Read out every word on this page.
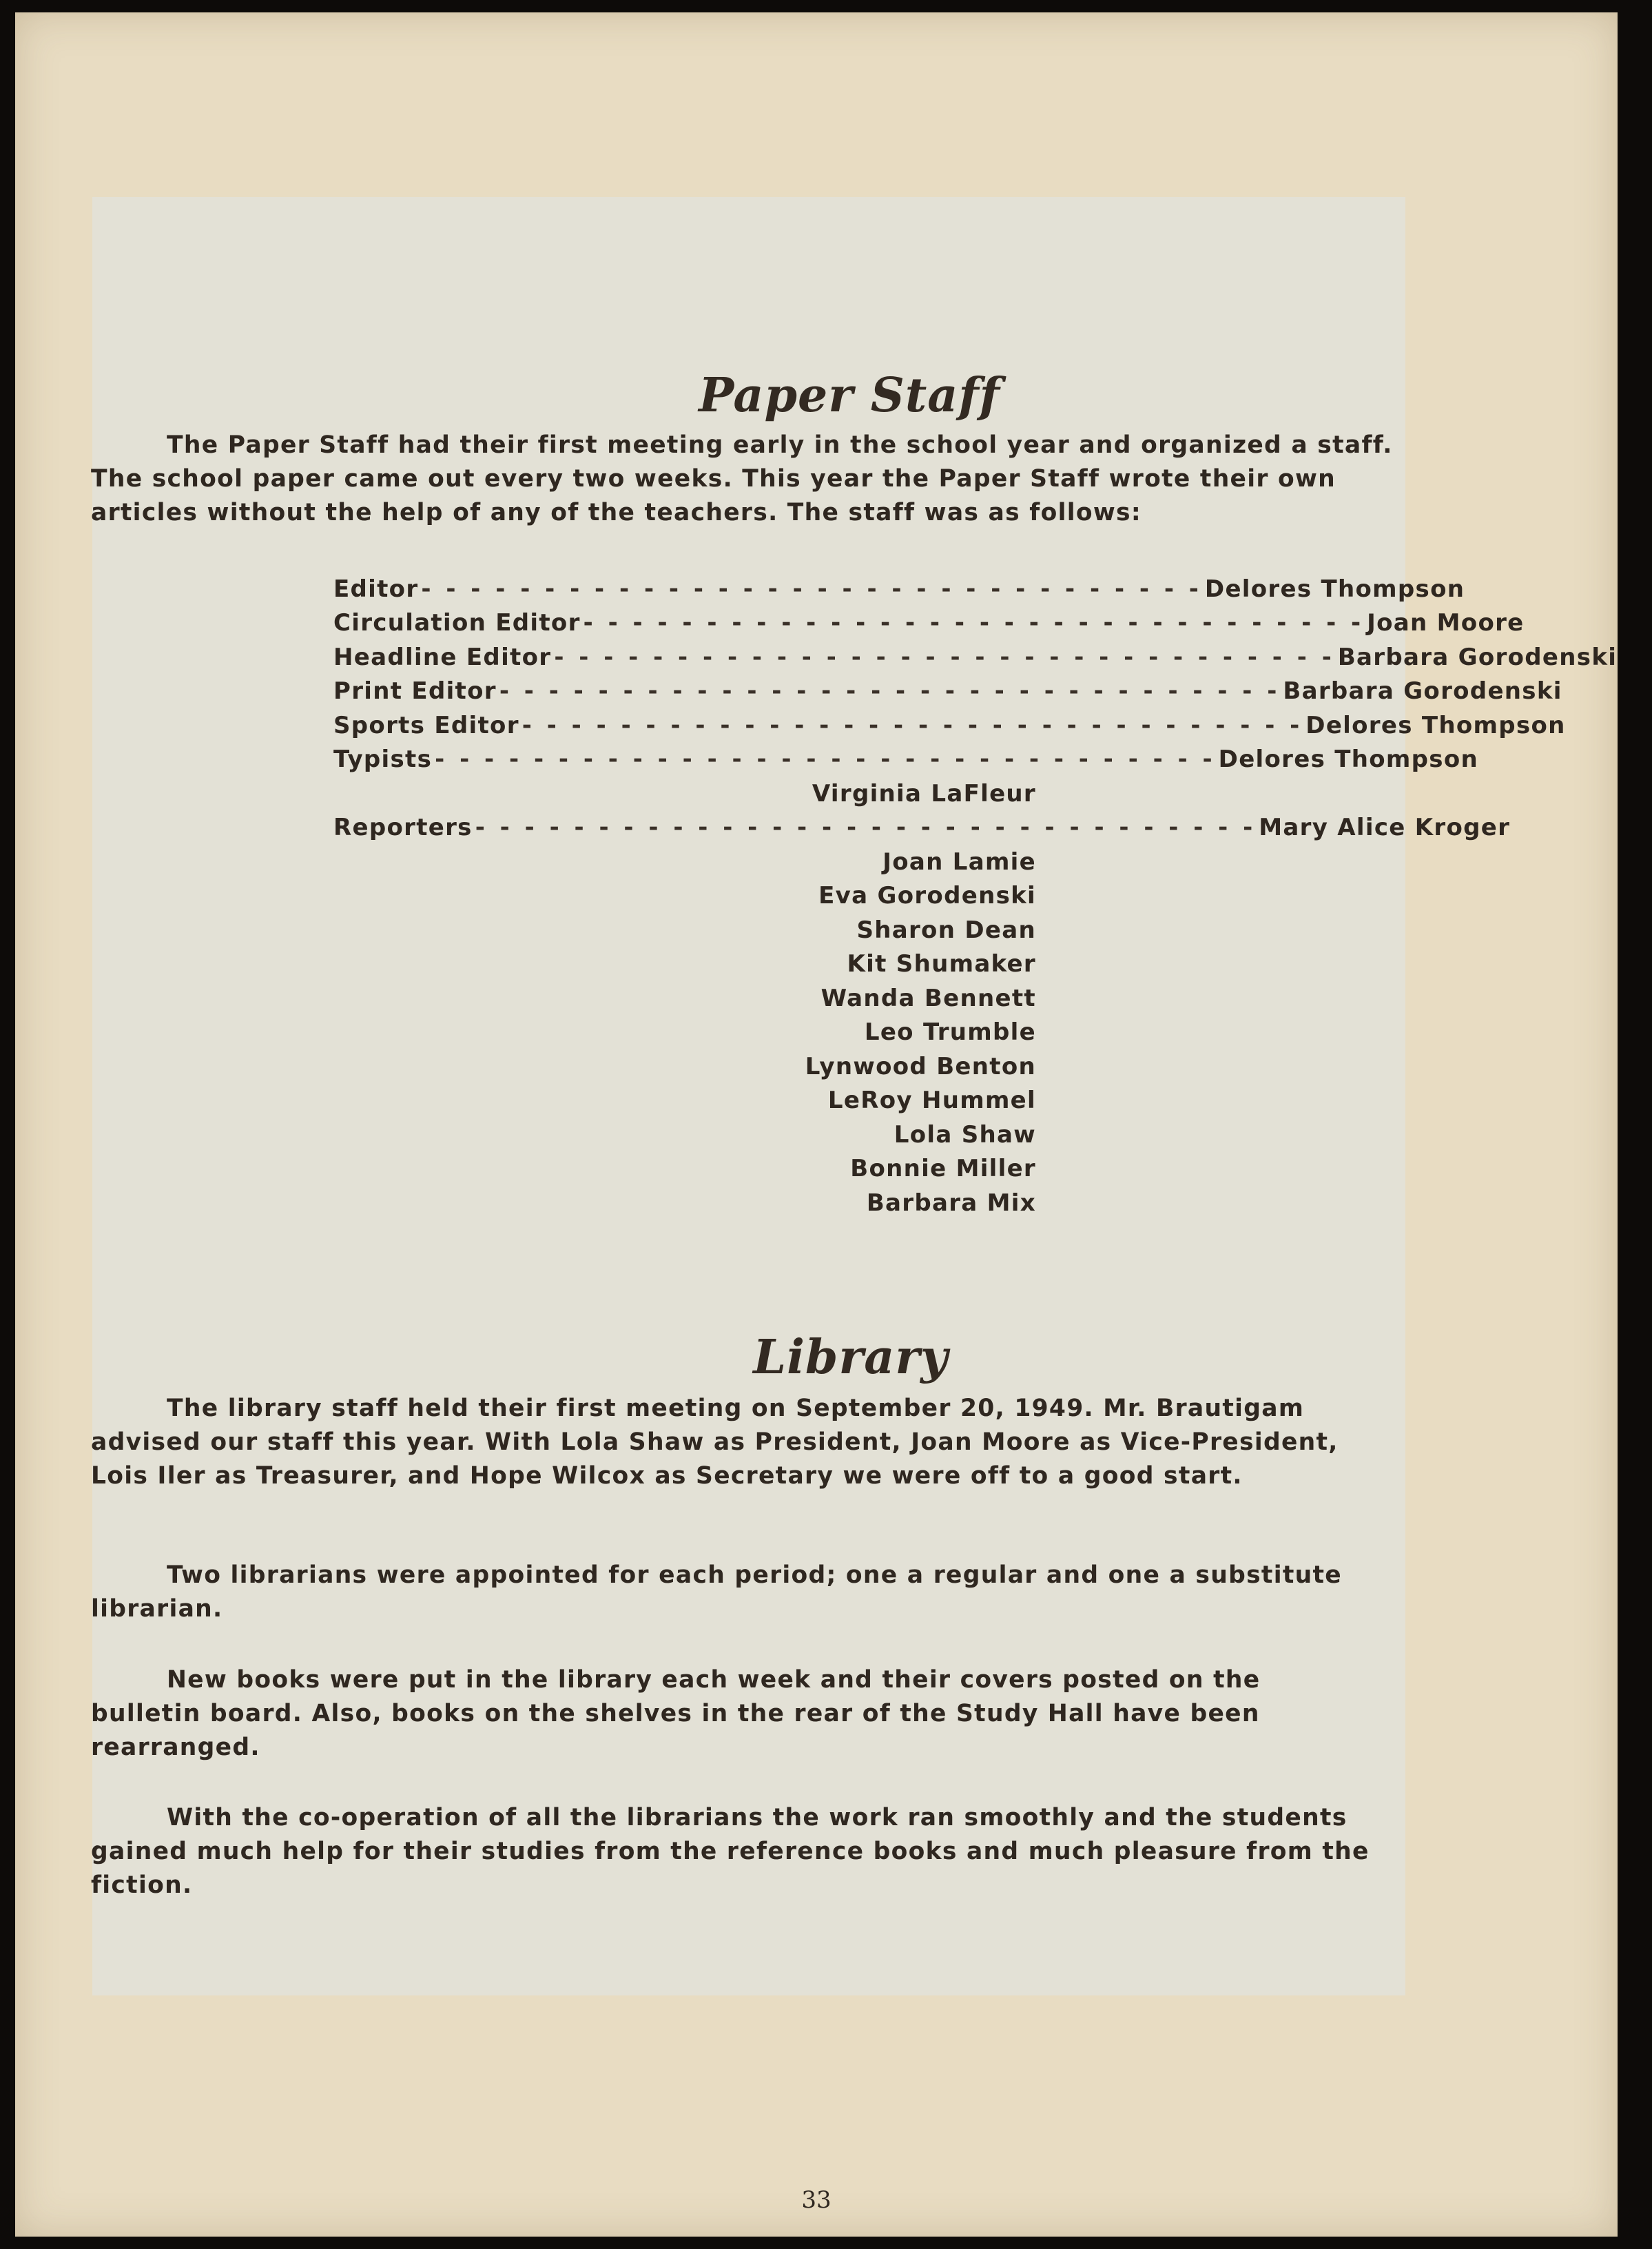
Paper Staff

The Paper Staff had their first meeting early in the school year and organized a staff. The school paper came out every two weeks. This year the Paper Staff wrote their own articles without the help of any of the teachers. The staff was as follows:

Editor - - - - - - - - - - - - - - - - - - - - - - - - - - - - - - - - Delores Thompson
Circulation Editor - - - - - - - - - - - - - - - - - - - - - - - - - - - - - - - - Joan Moore
Headline Editor - - - - - - - - - - - - - - - - - - - - - - - - - - - - - - - - Barbara Gorodenski
Print Editor - - - - - - - - - - - - - - - - - - - - - - - - - - - - - - - - Barbara Gorodenski
Sports Editor - - - - - - - - - - - - - - - - - - - - - - - - - - - - - - - - Delores Thompson
Typists - - - - - - - - - - - - - - - - - - - - - - - - - - - - - - - - Delores Thompson
Virginia LaFleur
Reporters - - - - - - - - - - - - - - - - - - - - - - - - - - - - - - - - Mary Alice Kroger
Joan Lamie
Eva Gorodenski
Sharon Dean
Kit Shumaker
Wanda Bennett
Leo Trumble
Lynwood Benton
LeRoy Hummel
Lola Shaw
Bonnie Miller
Barbara Mix
Library

The library staff held their first meeting on September 20, 1949. Mr. Brautigam advised our staff this year. With Lola Shaw as President, Joan Moore as Vice-President, Lois Iler as Treasurer, and Hope Wilcox as Secretary we were off to a good start.

Two librarians were appointed for each period; one a regular and one a substitute librarian.

New books were put in the library each week and their covers posted on the bulletin board. Also, books on the shelves in the rear of the Study Hall have been rearranged.

With the co-operation of all the librarians the work ran smoothly and the students gained much help for their studies from the reference books and much pleasure from the fiction.

33
